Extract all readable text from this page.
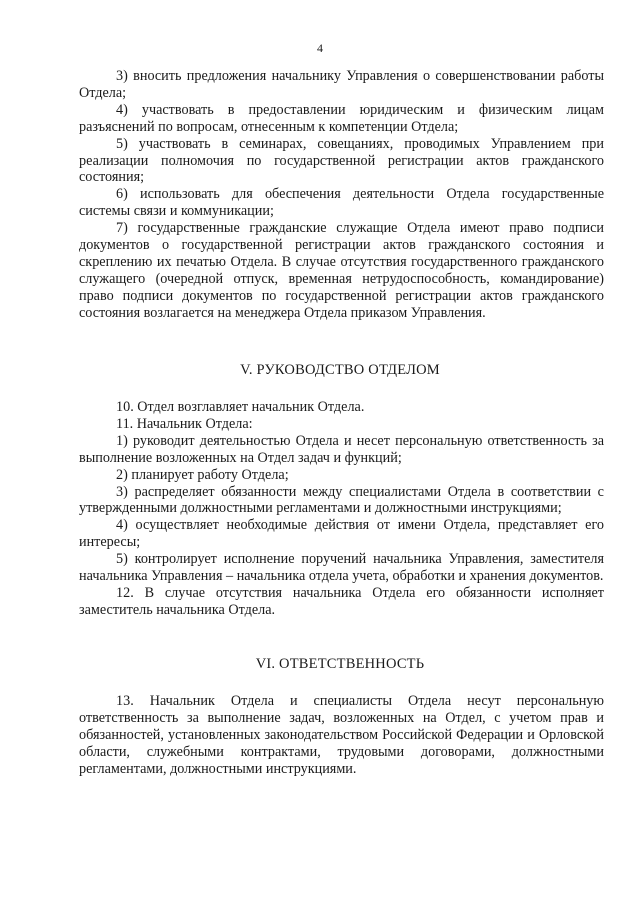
4

3) вносить предложения начальнику Управления о совершенствовании работы Отдела;

4) участвовать в предоставлении юридическим и физическим лицам разъяснений по вопросам, отнесенным к компетенции Отдела;

5) участвовать в семинарах, совещаниях, проводимых Управлением при реализации полномочия по государственной регистрации актов гражданского состояния;

6) использовать для обеспечения деятельности Отдела государственные системы связи и коммуникации;

7) государственные гражданские служащие Отдела имеют право подписи документов о государственной регистрации актов гражданского состояния и скреплению их печатью Отдела. В случае отсутствия государственного гражданского служащего (очередной отпуск, временная нетрудоспособность, командирование) право подписи документов по государственной регистрации актов гражданского состояния возлагается на менеджера Отдела приказом Управления.

V. РУКОВОДСТВО ОТДЕЛОМ

10. Отдел возглавляет начальник Отдела.

11. Начальник Отдела:

1) руководит деятельностью Отдела и несет персональную ответственность за выполнение возложенных на Отдел задач и функций;

2) планирует работу Отдела;

3) распределяет обязанности между специалистами Отдела в соответствии с утвержденными должностными регламентами и должностными инструкциями;

4) осуществляет необходимые действия от имени Отдела, представляет его интересы;

5) контролирует исполнение поручений начальника Управления, заместителя начальника Управления – начальника отдела учета, обработки и хранения документов.

12. В случае отсутствия начальника Отдела его обязанности исполняет заместитель начальника Отдела.

VI. ОТВЕТСТВЕННОСТЬ

13. Начальник Отдела и специалисты Отдела несут персональную ответственность за выполнение задач, возложенных на Отдел, с учетом прав и обязанностей, установленных законодательством Российской Федерации и Орловской области, служебными контрактами, трудовыми договорами, должностными регламентами, должностными инструкциями.
